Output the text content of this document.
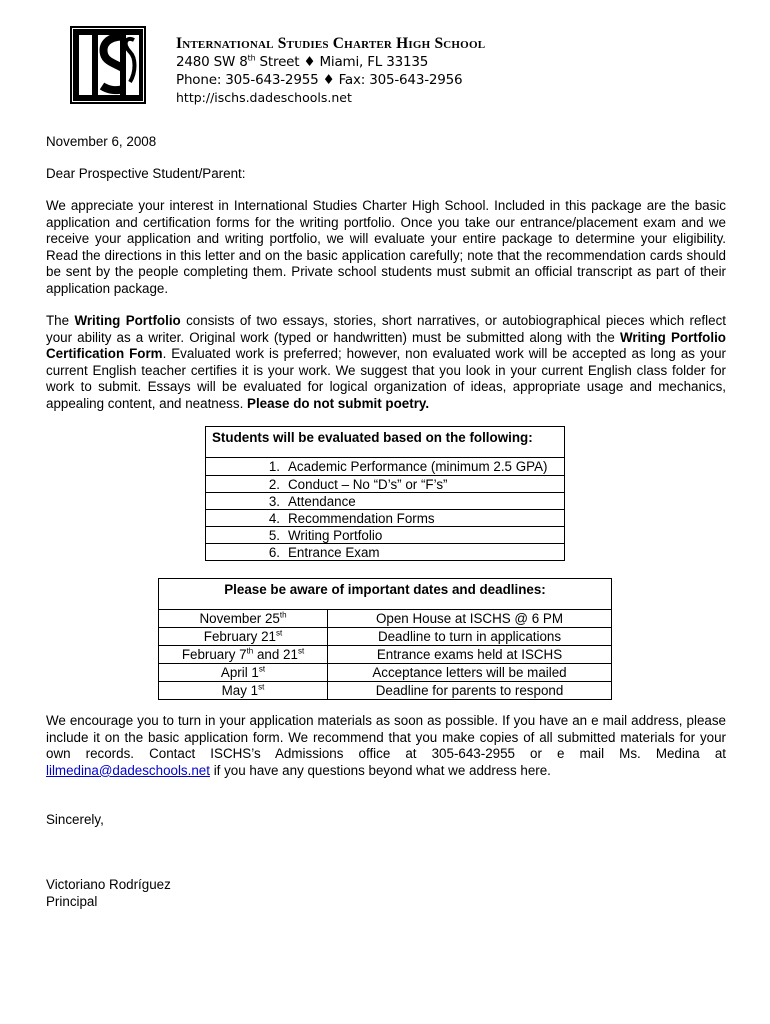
International Studies Charter High School
2480 SW 8th Street ♦ Miami, FL 33135
Phone: 305-643-2955 ♦ Fax: 305-643-2956
http://ischs.dadeschools.net
November 6, 2008
Dear Prospective Student/Parent:
We appreciate your interest in International Studies Charter High School. Included in this package are the basic application and certification forms for the writing portfolio. Once you take our entrance/placement exam and we receive your application and writing portfolio, we will evaluate your entire package to determine your eligibility. Read the directions in this letter and on the basic application carefully; note that the recommendation cards should be sent by the people completing them. Private school students must submit an official transcript as part of their application package.
The Writing Portfolio consists of two essays, stories, short narratives, or autobiographical pieces which reflect your ability as a writer. Original work (typed or handwritten) must be submitted along with the Writing Portfolio Certification Form. Evaluated work is preferred; however, non evaluated work will be accepted as long as your current English teacher certifies it is your work. We suggest that you look in your current English class folder for work to submit. Essays will be evaluated for logical organization of ideas, appropriate usage and mechanics, appealing content, and neatness. Please do not submit poetry.
Students will be evaluated based on the following:
1. Academic Performance (minimum 2.5 GPA)
2. Conduct – No “D’s” or “F’s”
3. Attendance
4. Recommendation Forms
5. Writing Portfolio
6. Entrance Exam
Please be aware of important dates and deadlines:
November 25th	Open House at ISCHS @ 6 PM
February 21st	Deadline to turn in applications
February 7th and 21st	Entrance exams held at ISCHS
April 1st	Acceptance letters will be mailed
May 1st	Deadline for parents to respond
We encourage you to turn in your application materials as soon as possible. If you have an e mail address, please include it on the basic application form. We recommend that you make copies of all submitted materials for your own records. Contact ISCHS’s Admissions office at 305-643-2955 or e mail Ms. Medina at lilmedina@dadeschools.net if you have any questions beyond what we address here.
Sincerely,
Victoriano Rodríguez
Principal
